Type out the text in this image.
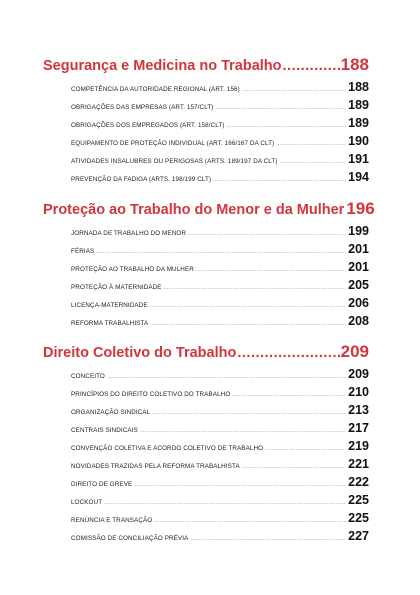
Segurança e Medicina no Trabalho .....	188
COMPETÊNCIA DA AUTORIDADE REGIONAL (ART. 156) .....	188
OBRIGAÇÕES DAS EMPRESAS (ART. 157/CLT) .....	189
OBRIGAÇÕES DOS EMPREGADOS (ART. 158/CLT) .....	189
EQUIPAMENTO DE PROTEÇÃO INDIVIDUAL (ART. 166/167 DA CLT) .....	190
ATIVIDADES INSALUBRES OU PERIGOSAS (ARTS. 189/197 DA CLT) .....	191
PREVENÇÃO DA FADIGA (ARTS. 198/199 CLT) .....	194
Proteção ao Trabalho do Menor e da Mulher 196
JORNADA DE TRABALHO DO MENOR .....	199
FÉRIAS .....	201
PROTEÇÃO AO TRABALHO DA MULHER .....	201
PROTEÇÃO À MATERNIDADE .....	205
LICENÇA-MATERNIDADE .....	206
REFORMA TRABALHISTA .....	208
Direito Coletivo do Trabalho .....	209
CONCEITO .....	209
PRINCÍPIOS DO DIREITO COLETIVO DO TRABALHO .....	210
ORGANIZAÇÃO SINDICAL .....	213
CENTRAIS SINDICAIS .....	217
CONVENÇÃO COLETIVA E ACORDO COLETIVO DE TRABALHO .....	219
NOVIDADES TRAZIDAS PELA REFORMA TRABALHISTA .....	221
DIREITO DE GREVE .....	222
LOCKOUT .....	225
RENÚNCIA E TRANSAÇÃO .....	225
COMISSÃO DE CONCILIAÇÃO PRÉVIA .....	227
